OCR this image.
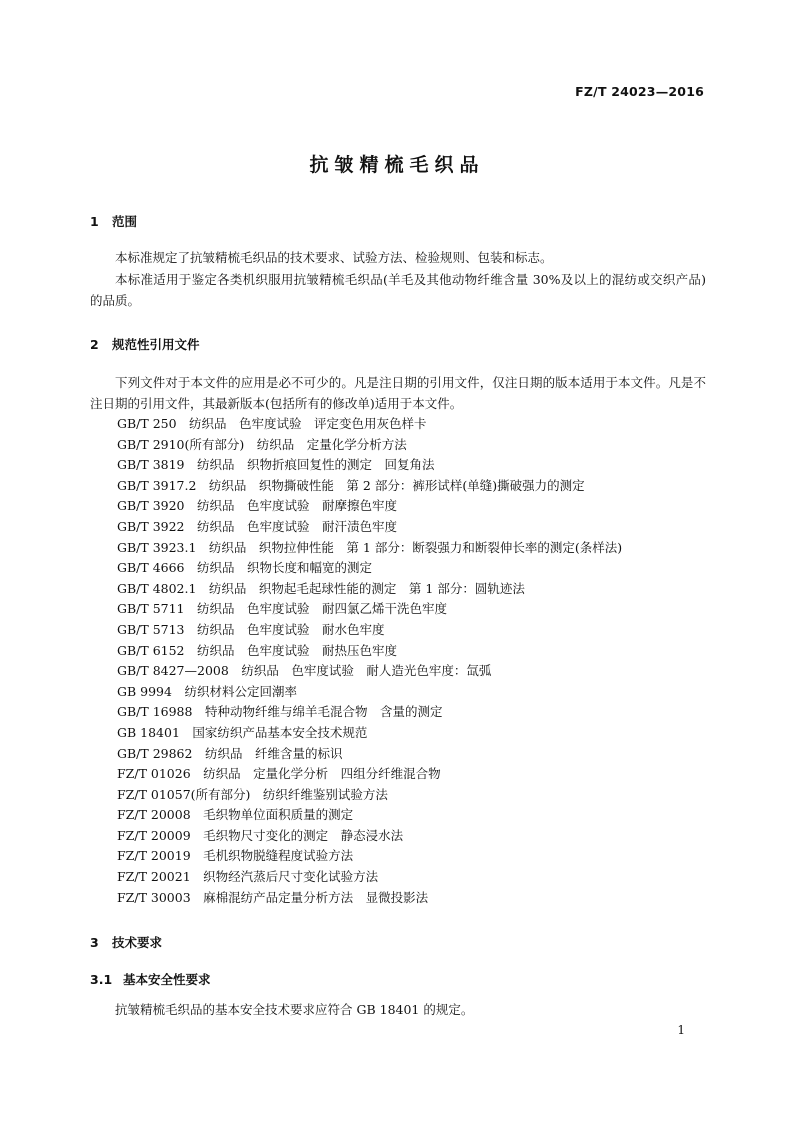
FZ/T 24023—2016
抗皱精梳毛织品
1 范围
本标准规定了抗皱精梳毛织品的技术要求、试验方法、检验规则、包装和标志。
本标准适用于鉴定各类机织服用抗皱精梳毛织品(羊毛及其他动物纤维含量 30%及以上的混纺或交织产品)的品质。
2 规范性引用文件
下列文件对于本文件的应用是必不可少的。凡是注日期的引用文件，仅注日期的版本适用于本文件。凡是不注日期的引用文件，其最新版本(包括所有的修改单)适用于本文件。
GB/T 250　纺织品　色牢度试验　评定变色用灰色样卡
GB/T 2910(所有部分)　纺织品　定量化学分析方法
GB/T 3819　纺织品　织物折痕回复性的测定　回复角法
GB/T 3917.2　纺织品　织物撕破性能　第 2 部分：裤形试样(单缝)撕破强力的测定
GB/T 3920　纺织品　色牢度试验　耐摩擦色牢度
GB/T 3922　纺织品　色牢度试验　耐汗渍色牢度
GB/T 3923.1　纺织品　织物拉伸性能　第 1 部分：断裂强力和断裂伸长率的测定(条样法)
GB/T 4666　纺织品　织物长度和幅宽的测定
GB/T 4802.1　纺织品　织物起毛起球性能的测定　第 1 部分：圆轨迹法
GB/T 5711　纺织品　色牢度试验　耐四氯乙烯干洗色牢度
GB/T 5713　纺织品　色牢度试验　耐水色牢度
GB/T 6152　纺织品　色牢度试验　耐热压色牢度
GB/T 8427—2008　纺织品　色牢度试验　耐人造光色牢度：氙弧
GB 9994　纺织材料公定回潮率
GB/T 16988　特种动物纤维与绵羊毛混合物　含量的测定
GB 18401　国家纺织产品基本安全技术规范
GB/T 29862　纺织品　纤维含量的标识
FZ/T 01026　纺织品　定量化学分析　四组分纤维混合物
FZ/T 01057(所有部分)　纺织纤维鉴别试验方法
FZ/T 20008　毛织物单位面积质量的测定
FZ/T 20009　毛织物尺寸变化的测定　静态浸水法
FZ/T 20019　毛机织物脱缝程度试验方法
FZ/T 20021　织物经汽蒸后尺寸变化试验方法
FZ/T 30003　麻棉混纺产品定量分析方法　显微投影法
3 技术要求
3.1 基本安全性要求
抗皱精梳毛织品的基本安全技术要求应符合 GB 18401 的规定。
1
